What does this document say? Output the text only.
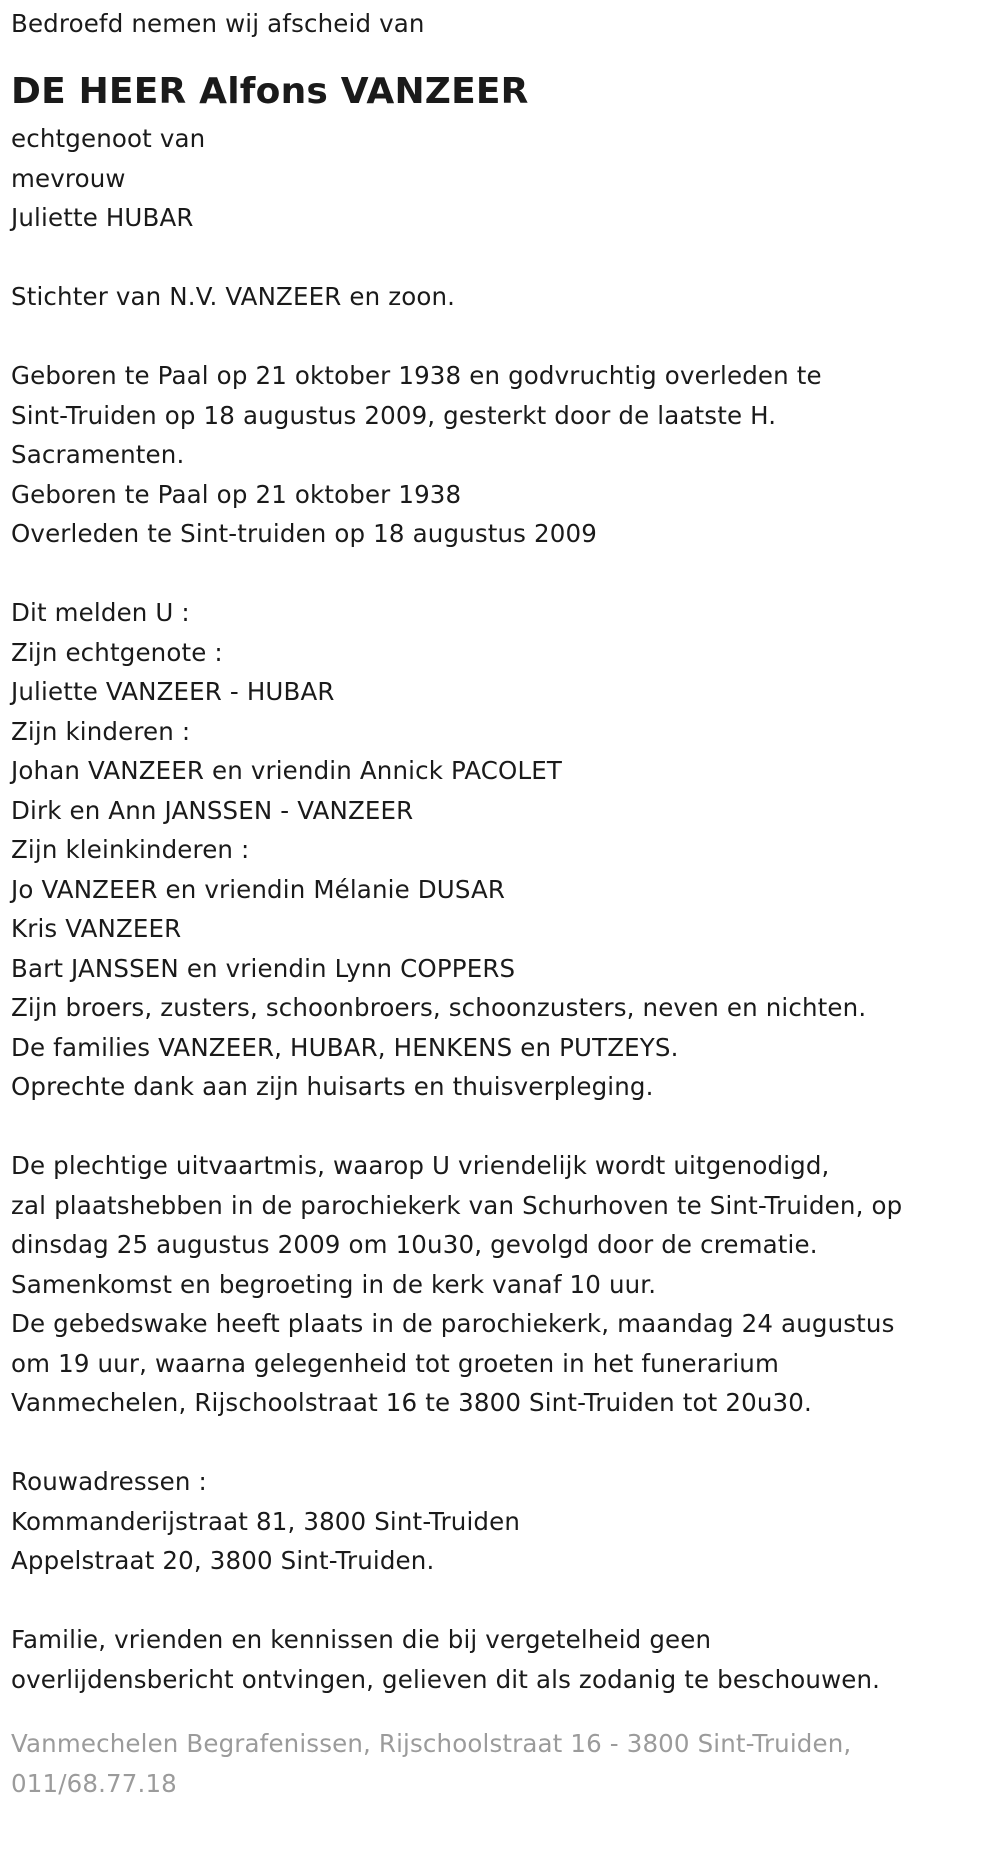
Bedroefd nemen wij afscheid van
DE HEER Alfons VANZEER
echtgenoot van
mevrouw
Juliette HUBAR
Stichter van N.V. VANZEER en zoon.
Geboren te Paal op 21 oktober 1938 en godvruchtig overleden te
Sint-Truiden op 18 augustus 2009, gesterkt door de laatste H.
Sacramenten.
Geboren te Paal op 21 oktober 1938
Overleden te Sint-truiden op 18 augustus 2009
Dit melden U :
Zijn echtgenote :
Juliette VANZEER - HUBAR
Zijn kinderen :
Johan VANZEER en vriendin Annick PACOLET
Dirk en Ann JANSSEN - VANZEER
Zijn kleinkinderen :
Jo VANZEER en vriendin Mélanie DUSAR
Kris VANZEER
Bart JANSSEN en vriendin Lynn COPPERS
Zijn broers, zusters, schoonbroers, schoonzusters, neven en nichten.
De families VANZEER, HUBAR, HENKENS en PUTZEYS.
Oprechte dank aan zijn huisarts en thuisverpleging.
De plechtige uitvaartmis, waarop U vriendelijk wordt uitgenodigd,
zal plaatshebben in de parochiekerk van Schurhoven te Sint-Truiden, op
dinsdag 25 augustus 2009 om 10u30, gevolgd door de crematie.
Samenkomst en begroeting in de kerk vanaf 10 uur.
De gebedswake heeft plaats in de parochiekerk, maandag 24 augustus
om 19 uur, waarna gelegenheid tot groeten in het funerarium
Vanmechelen, Rijschoolstraat 16 te 3800 Sint-Truiden tot 20u30.
Rouwadressen :
Kommanderijstraat 81, 3800 Sint-Truiden
Appelstraat 20, 3800 Sint-Truiden.
Familie, vrienden en kennissen die bij vergetelheid geen
overlijdensbericht ontvingen, gelieven dit als zodanig te beschouwen.
Vanmechelen Begrafenissen, Rijschoolstraat 16 - 3800 Sint-Truiden,
011/68.77.18
